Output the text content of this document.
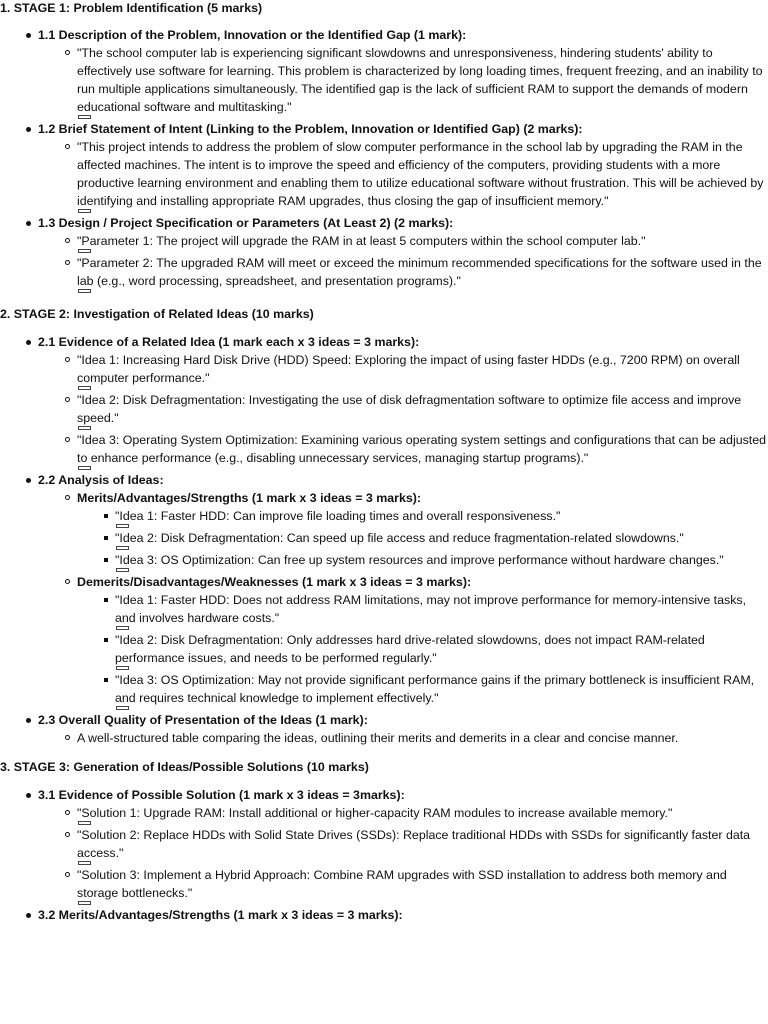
1. STAGE 1: Problem Identification (5 marks)
1.1 Description of the Problem, Innovation or the Identified Gap (1 mark):
"The school computer lab is experiencing significant slowdowns and unresponsiveness, hindering students' ability to effectively use software for learning. This problem is characterized by long loading times, frequent freezing, and an inability to run multiple applications simultaneously. The identified gap is the lack of sufficient RAM to support the demands of modern educational software and multitasking."
1.2 Brief Statement of Intent (Linking to the Problem, Innovation or Identified Gap) (2 marks):
"This project intends to address the problem of slow computer performance in the school lab by upgrading the RAM in the affected machines. The intent is to improve the speed and efficiency of the computers, providing students with a more productive learning environment and enabling them to utilize educational software without frustration. This will be achieved by identifying and installing appropriate RAM upgrades, thus closing the gap of insufficient memory."
1.3 Design / Project Specification or Parameters (At Least 2) (2 marks):
"Parameter 1: The project will upgrade the RAM in at least 5 computers within the school computer lab."
"Parameter 2: The upgraded RAM will meet or exceed the minimum recommended specifications for the software used in the lab (e.g., word processing, spreadsheet, and presentation programs)."
2. STAGE 2: Investigation of Related Ideas (10 marks)
2.1 Evidence of a Related Idea (1 mark each x 3 ideas = 3 marks):
"Idea 1: Increasing Hard Disk Drive (HDD) Speed: Exploring the impact of using faster HDDs (e.g., 7200 RPM) on overall computer performance."
"Idea 2: Disk Defragmentation: Investigating the use of disk defragmentation software to optimize file access and improve speed."
"Idea 3: Operating System Optimization: Examining various operating system settings and configurations that can be adjusted to enhance performance (e.g., disabling unnecessary services, managing startup programs)."
2.2 Analysis of Ideas:
Merits/Advantages/Strengths (1 mark x 3 ideas = 3 marks):
"Idea 1: Faster HDD: Can improve file loading times and overall responsiveness."
"Idea 2: Disk Defragmentation: Can speed up file access and reduce fragmentation-related slowdowns."
"Idea 3: OS Optimization: Can free up system resources and improve performance without hardware changes."
Demerits/Disadvantages/Weaknesses (1 mark x 3 ideas = 3 marks):
"Idea 1: Faster HDD: Does not address RAM limitations, may not improve performance for memory-intensive tasks, and involves hardware costs."
"Idea 2: Disk Defragmentation: Only addresses hard drive-related slowdowns, does not impact RAM-related performance issues, and needs to be performed regularly."
"Idea 3: OS Optimization: May not provide significant performance gains if the primary bottleneck is insufficient RAM, and requires technical knowledge to implement effectively."
2.3 Overall Quality of Presentation of the Ideas (1 mark):
A well-structured table comparing the ideas, outlining their merits and demerits in a clear and concise manner.
3. STAGE 3: Generation of Ideas/Possible Solutions (10 marks)
3.1 Evidence of Possible Solution (1 mark x 3 ideas = 3marks):
"Solution 1: Upgrade RAM: Install additional or higher-capacity RAM modules to increase available memory."
"Solution 2: Replace HDDs with Solid State Drives (SSDs): Replace traditional HDDs with SSDs for significantly faster data access."
"Solution 3: Implement a Hybrid Approach: Combine RAM upgrades with SSD installation to address both memory and storage bottlenecks."
3.2 Merits/Advantages/Strengths (1 mark x 3 ideas = 3 marks):
